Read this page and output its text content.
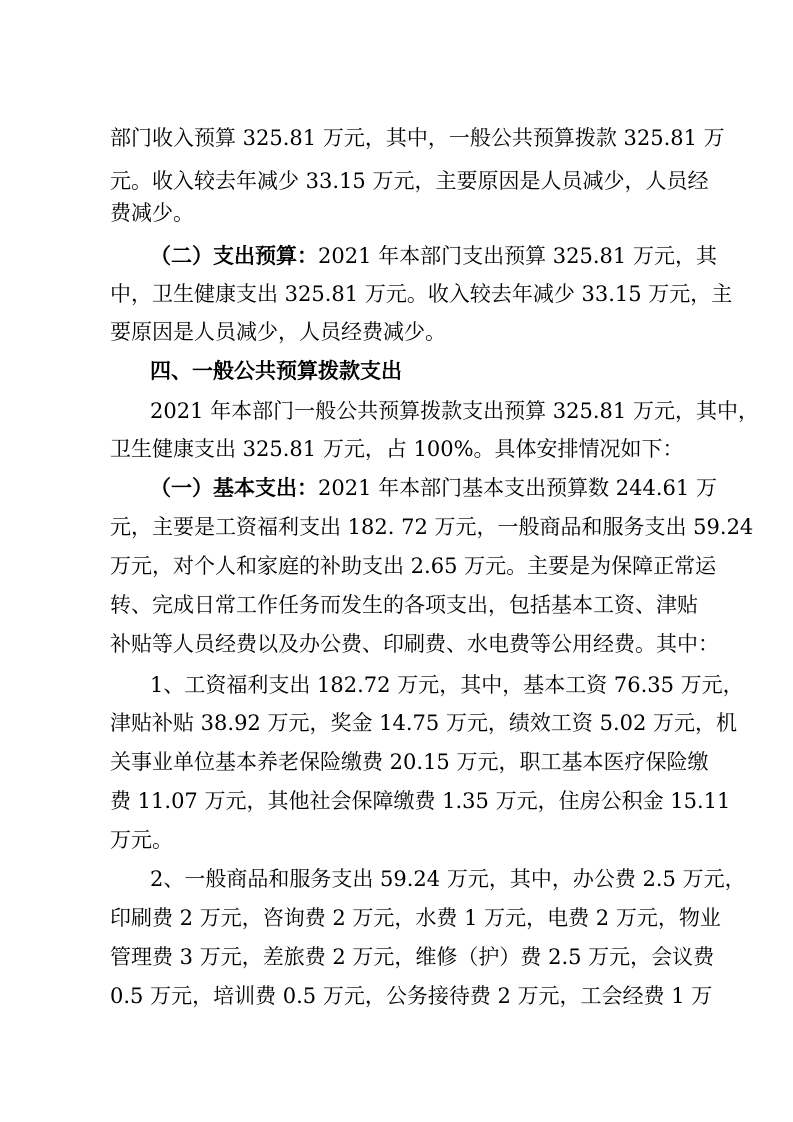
部门收入预算 325.81 万元，其中，一般公共预算拨款 325.81 万
元。收入较去年减少 33.15 万元，主要原因是人员减少，人员经
费减少。
（二）支出预算：2021 年本部门支出预算 325.81 万元，其
中，卫生健康支出 325.81 万元。收入较去年减少 33.15 万元，主
要原因是人员减少，人员经费减少。
四、一般公共预算拨款支出
2021 年本部门一般公共预算拨款支出预算 325.81 万元，其中，
卫生健康支出 325.81 万元，占 100%。具体安排情况如下：
（一）基本支出：2021 年本部门基本支出预算数 244.61 万
元，主要是工资福利支出 182. 72 万元，一般商品和服务支出 59.24
万元，对个人和家庭的补助支出 2.65 万元。主要是为保障正常运
转、完成日常工作任务而发生的各项支出，包括基本工资、津贴
补贴等人员经费以及办公费、印刷费、水电费等公用经费。其中：
1、工资福利支出 182.72 万元，其中，基本工资 76.35 万元，
津贴补贴 38.92 万元，奖金 14.75 万元，绩效工资 5.02 万元，机
关事业单位基本养老保险缴费 20.15 万元，职工基本医疗保险缴
费 11.07 万元，其他社会保障缴费 1.35 万元，住房公积金 15.11
万元。
2、一般商品和服务支出 59.24 万元，其中，办公费 2.5 万元，
印刷费 2 万元，咨询费 2 万元，水费 1 万元，电费 2 万元，物业
管理费 3 万元，差旅费 2 万元，维修（护）费 2.5 万元，会议费
0.5 万元，培训费 0.5 万元，公务接待费 2 万元，工会经费 1 万
